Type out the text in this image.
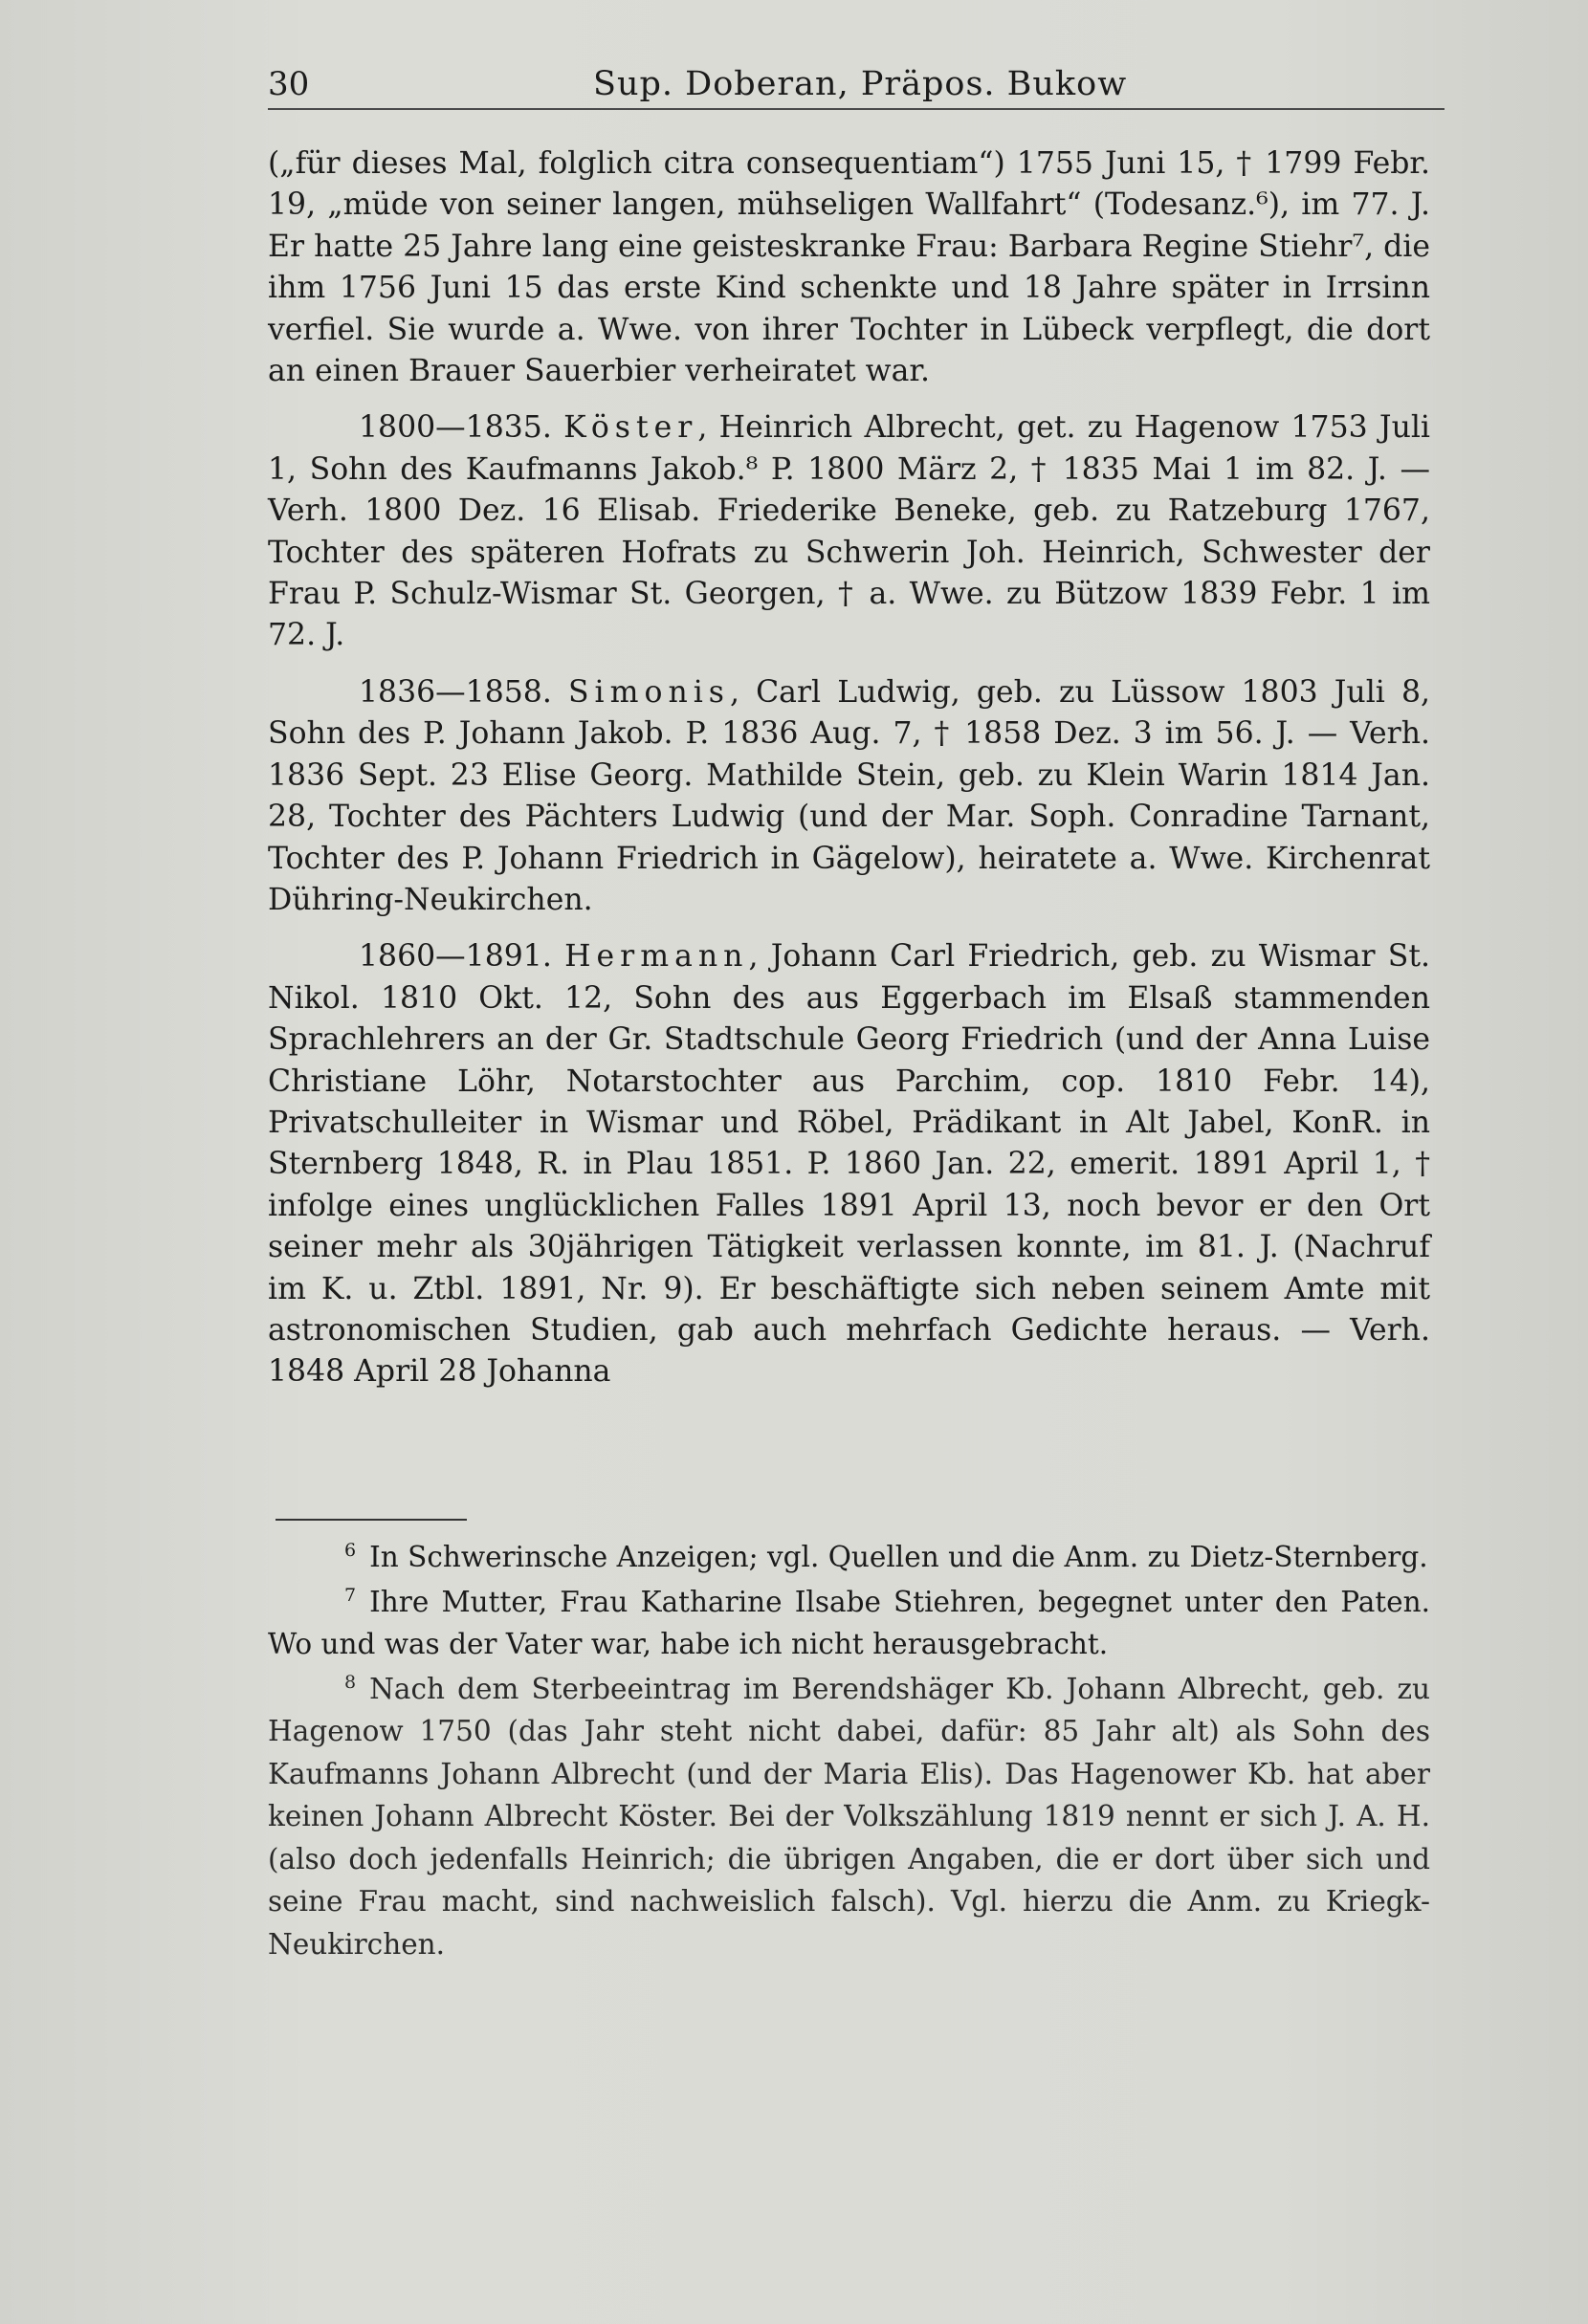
30	Sup. Doberan, Präpos. Bukow

(„für dieses Mal, folglich citra consequentiam“) 1755 Juni 15, † 1799 Febr. 19, „müde von seiner langen, mühseligen Wallfahrt“ (Todesanz.⁶), im 77. J. Er hatte 25 Jahre lang eine geisteskranke Frau: Barbara Regine Stiehr⁷, die ihm 1756 Juni 15 das erste Kind schenkte und 18 Jahre später in Irrsinn verfiel. Sie wurde a. Wwe. von ihrer Tochter in Lübeck verpflegt, die dort an einen Brauer Sauerbier verheiratet war.

1800—1835. Köster, Heinrich Albrecht, get. zu Hagenow 1753 Juli 1, Sohn des Kaufmanns Jakob.⁸ P. 1800 März 2, † 1835 Mai 1 im 82. J. — Verh. 1800 Dez. 16 Elisab. Friederike Beneke, geb. zu Ratzeburg 1767, Tochter des späteren Hofrats zu Schwerin Joh. Heinrich, Schwester der Frau P. Schulz-Wismar St. Georgen, † a. Wwe. zu Bützow 1839 Febr. 1 im 72. J.

1836—1858. Simonis, Carl Ludwig, geb. zu Lüssow 1803 Juli 8, Sohn des P. Johann Jakob. P. 1836 Aug. 7, † 1858 Dez. 3 im 56. J. — Verh. 1836 Sept. 23 Elise Georg. Mathilde Stein, geb. zu Klein Warin 1814 Jan. 28, Tochter des Pächters Ludwig (und der Mar. Soph. Conradine Tarnant, Tochter des P. Johann Friedrich in Gägelow), heiratete a. Wwe. Kirchenrat Dühring-Neukirchen.

1860—1891. Hermann, Johann Carl Friedrich, geb. zu Wismar St. Nikol. 1810 Okt. 12, Sohn des aus Eggerbach im Elsaß stammenden Sprachlehrers an der Gr. Stadtschule Georg Friedrich (und der Anna Luise Christiane Löhr, Notarstochter aus Parchim, cop. 1810 Febr. 14), Privatschulleiter in Wismar und Röbel, Prädikant in Alt Jabel, KonR. in Sternberg 1848, R. in Plau 1851. P. 1860 Jan. 22, emerit. 1891 April 1, † infolge eines unglücklichen Falles 1891 April 13, noch bevor er den Ort seiner mehr als 30jährigen Tätigkeit verlassen konnte, im 81. J. (Nachruf im K. u. Ztbl. 1891, Nr. 9). Er beschäftigte sich neben seinem Amte mit astronomischen Studien, gab auch mehrfach Gedichte heraus. — Verh. 1848 April 28 Johanna

$^6$ In Schwerinsche Anzeigen; vgl. Quellen und die Anm. zu Dietz-Sternberg.

$^7$ Ihre Mutter, Frau Katharine Ilsabe Stiehren, begegnet unter den Paten. Wo und was der Vater war, habe ich nicht herausgebracht.

$^8$ Nach dem Sterbeeintrag im Berendshäger Kb. Johann Albrecht, geb. zu Hagenow 1750 (das Jahr steht nicht dabei, dafür: 85 Jahr alt) als Sohn des Kaufmanns Johann Albrecht (und der Maria Elis). Das Hagenower Kb. hat aber keinen Johann Albrecht Köster. Bei der Volkszählung 1819 nennt er sich J. A. H. (also doch jedenfalls Heinrich; die übrigen Angaben, die er dort über sich und seine Frau macht, sind nachweislich falsch). Vgl. hierzu die Anm. zu Kriegk-Neukirchen.
